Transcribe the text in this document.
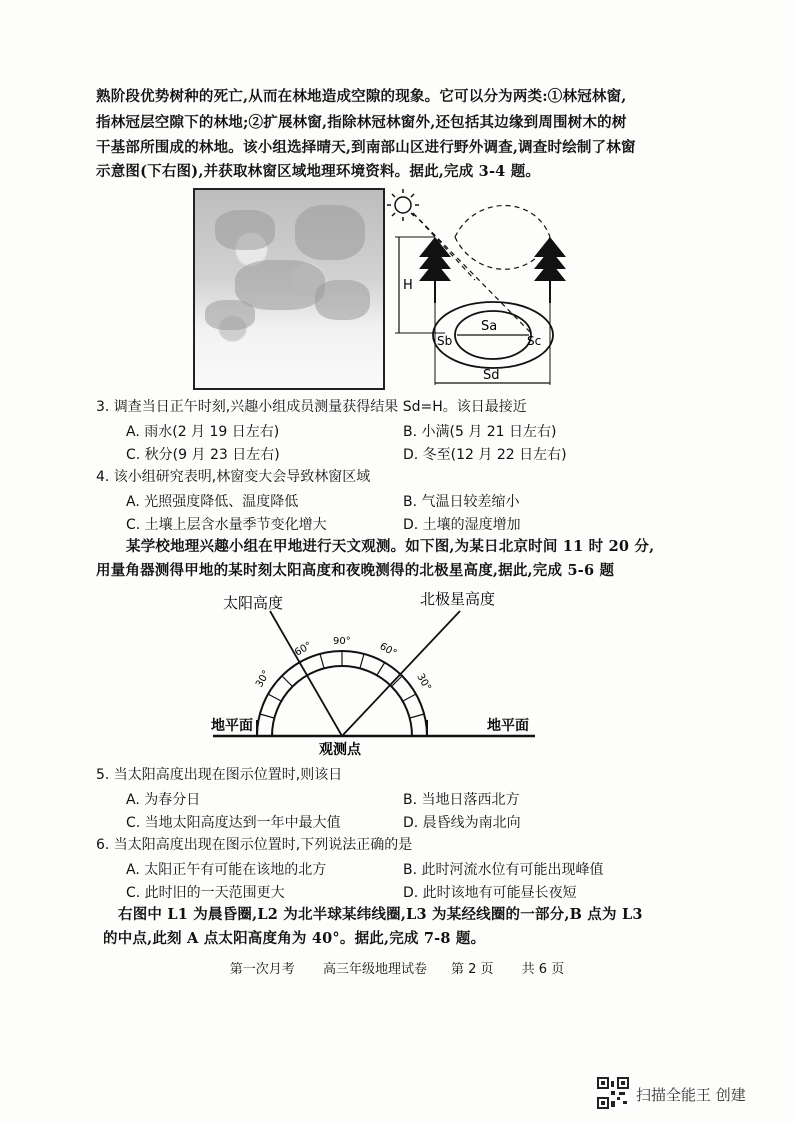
熟阶段优势树种的死亡,从而在林地造成空隙的现象。它可以分为两类:①林冠林窗,
指林冠层空隙下的林地;②扩展林窗,指除林冠林窗外,还包括其边缘到周围树木的树
干基部所围成的林地。该小组选择晴天,到南部山区进行野外调查,调查时绘制了林窗
示意图(下右图),并获取林窗区域地理环境资料。据此,完成 3-4 题。
H
Sa
Sb	Sc
Sd
3. 调查当日正午时刻,兴趣小组成员测量获得结果 Sd=H。该日最接近
A. 雨水(2 月 19 日左右)	B. 小满(5 月 21 日左右)
C. 秋分(9 月 23 日左右)	D. 冬至(12 月 22 日左右)
4. 该小组研究表明,林窗变大会导致林窗区域
A. 光照强度降低、温度降低	B. 气温日较差缩小
C. 土壤上层含水量季节变化增大	D. 土壤的湿度增加
某学校地理兴趣小组在甲地进行天文观测。如下图,为某日北京时间 11 时 20 分,
用量角器测得甲地的某时刻太阳高度和夜晚测得的北极星高度,据此,完成 5-6 题
90°
60°
30°
60°
30°
太阳高度	北极星高度
地平面	地平面
观测点
5. 当太阳高度出现在图示位置时,则该日
A. 为春分日	B. 当地日落西北方
C. 当地太阳高度达到一年中最大值	D. 晨昏线为南北向
6. 当太阳高度出现在图示位置时,下列说法正确的是
A. 太阳正午有可能在该地的北方	B. 此时河流水位有可能出现峰值
C. 此时旧的一天范围更大	D. 此时该地有可能昼长夜短
右图中 L1 为晨昏圈,L2 为北半球某纬线圈,L3 为某经线圈的一部分,B 点为 L3
的中点,此刻 A 点太阳高度角为 40°。据此,完成 7-8 题。
第一次月考 高三年级地理试卷 第 2 页 共 6 页
扫描全能王 创建
